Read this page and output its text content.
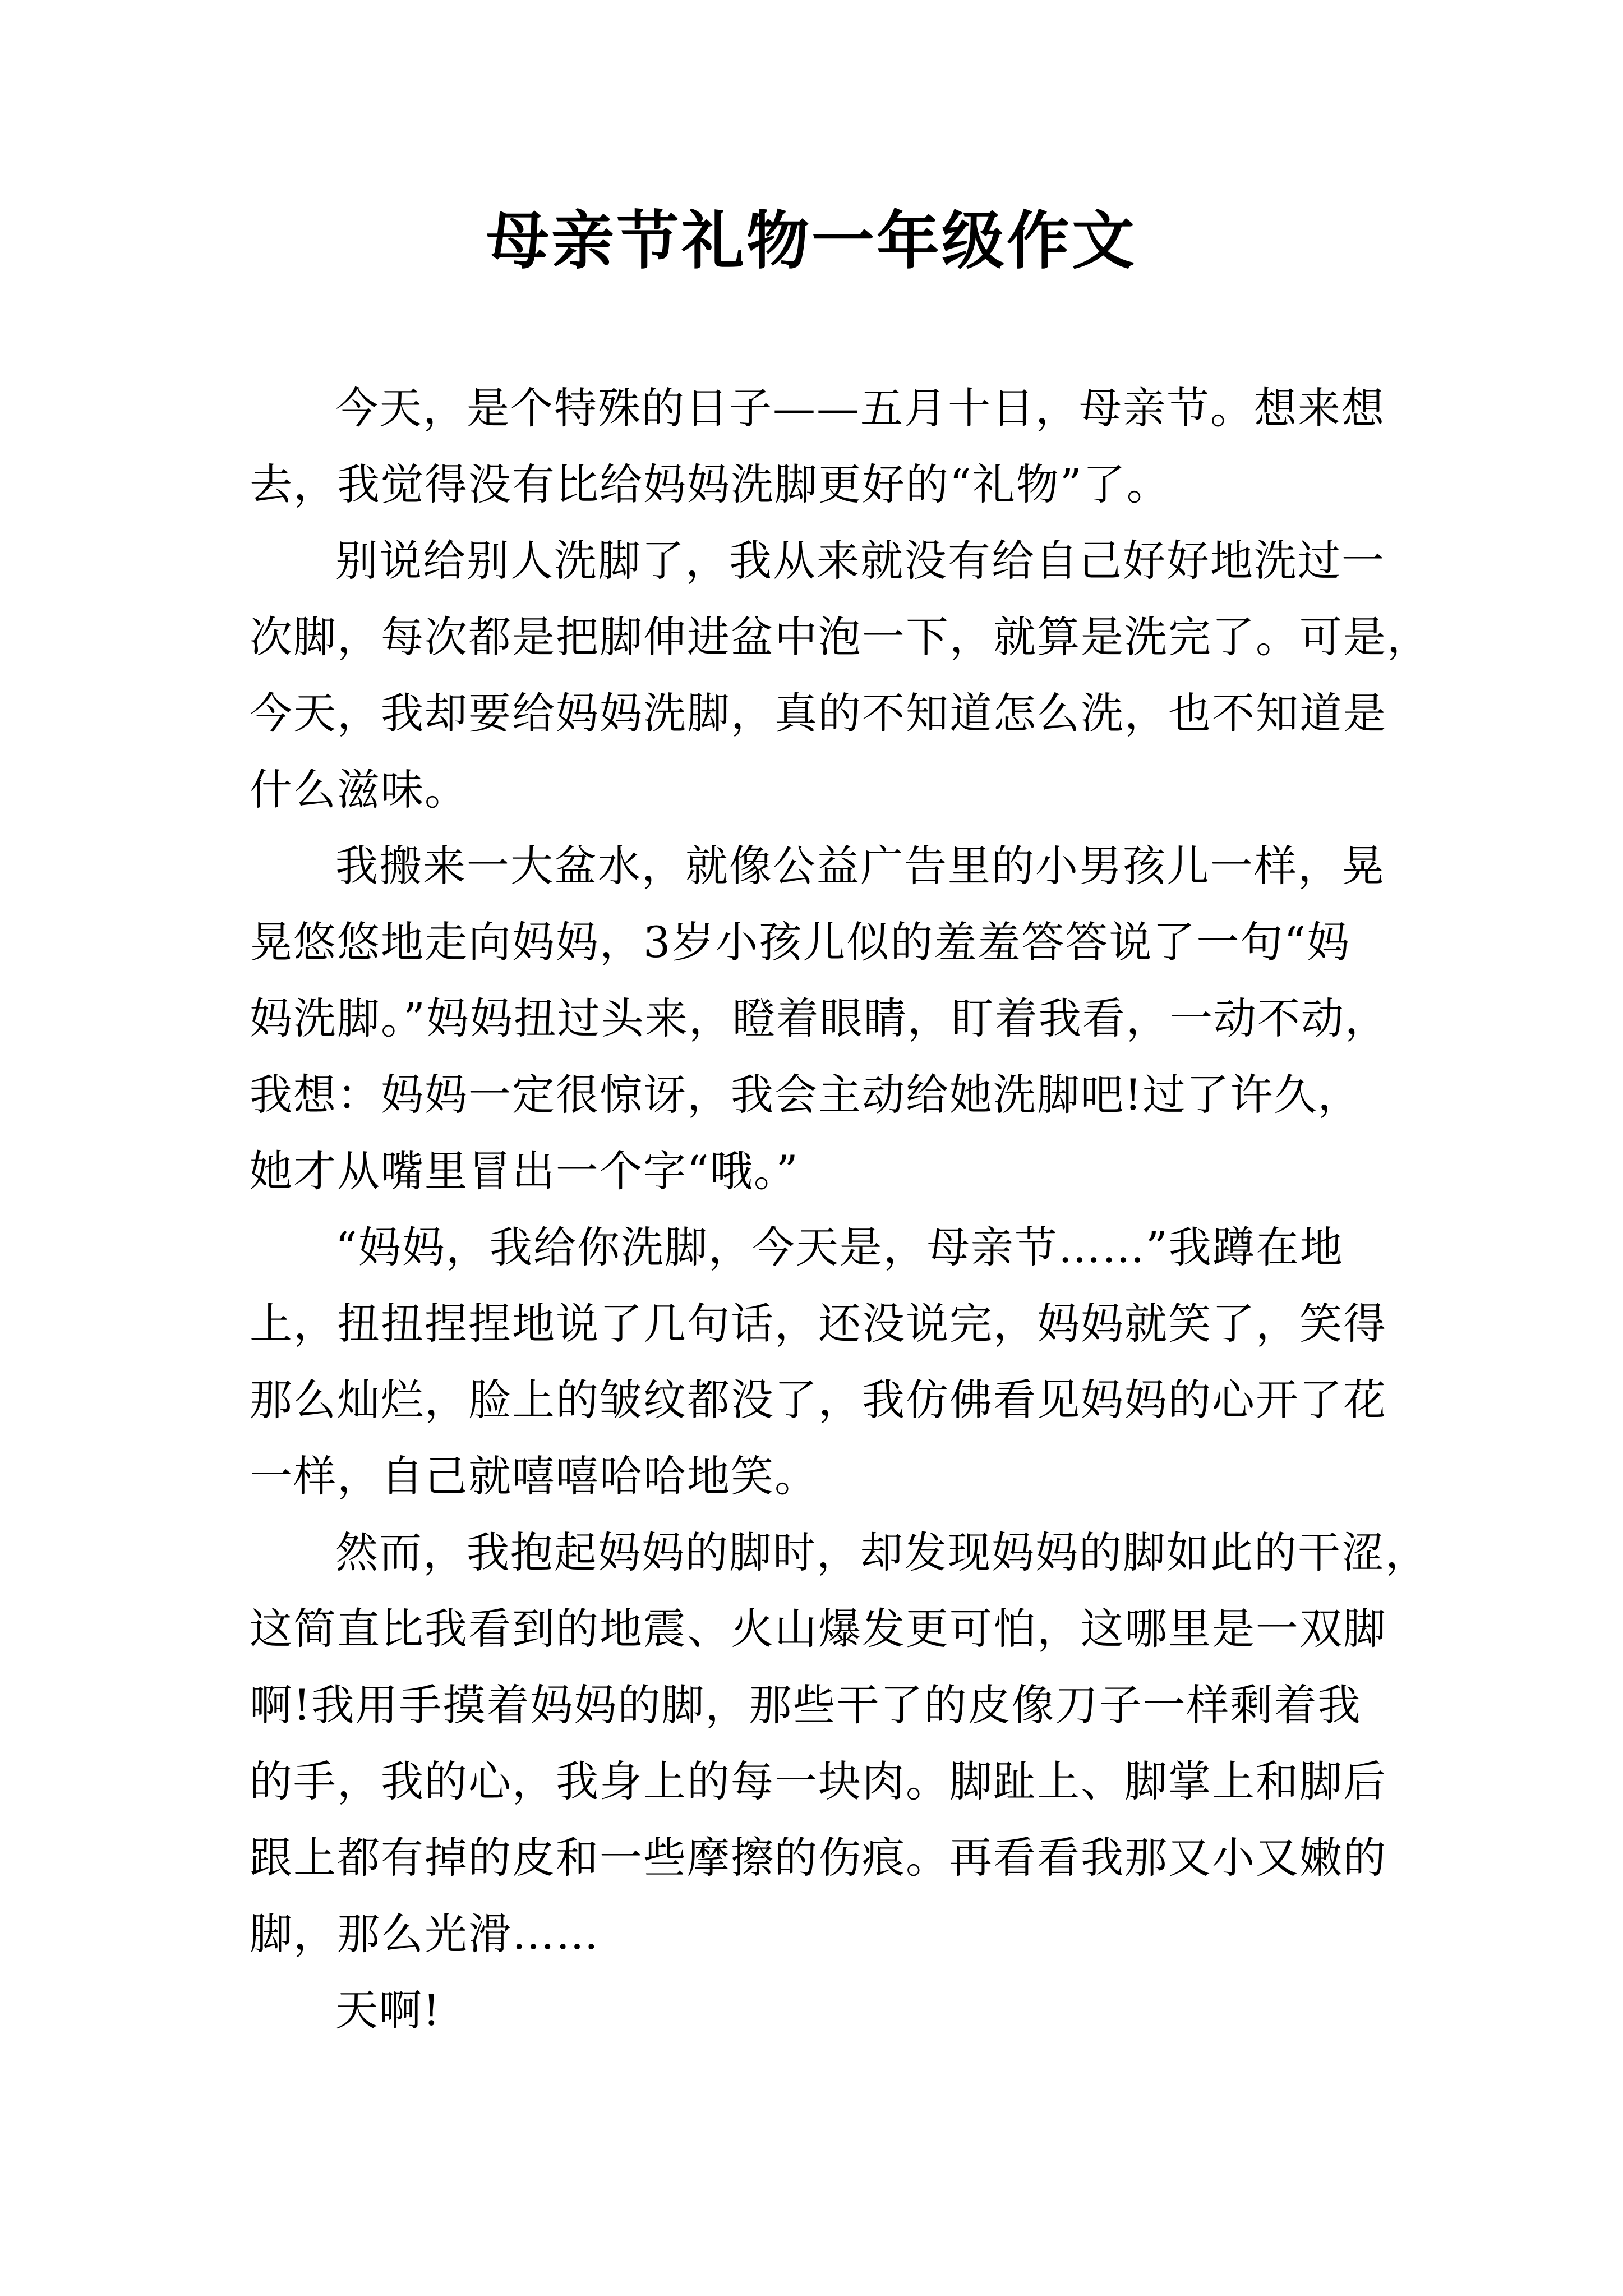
母亲节礼物一年级作文

今天，是个特殊的日子——五月十日，母亲节。想来想
去，我觉得没有比给妈妈洗脚更好的“礼物”了。

别说给别人洗脚了，我从来就没有给自己好好地洗过一
次脚，每次都是把脚伸进盆中泡一下，就算是洗完了。可是，
今天，我却要给妈妈洗脚，真的不知道怎么洗，也不知道是
什么滋味。

我搬来一大盆水，就像公益广告里的小男孩儿一样，晃
晃悠悠地走向妈妈，3岁小孩儿似的羞羞答答说了一句“妈
妈洗脚。”妈妈扭过头来，瞪着眼睛，盯着我看，一动不动，
我想：妈妈一定很惊讶，我会主动给她洗脚吧!过了许久，
她才从嘴里冒出一个字“哦。”

“妈妈，我给你洗脚，今天是，母亲节……”我蹲在地
上，扭扭捏捏地说了几句话，还没说完，妈妈就笑了，笑得
那么灿烂，脸上的皱纹都没了，我仿佛看见妈妈的心开了花
一样，自己就嘻嘻哈哈地笑。

然而，我抱起妈妈的脚时，却发现妈妈的脚如此的干涩，
这简直比我看到的地震、火山爆发更可怕，这哪里是一双脚
啊!我用手摸着妈妈的脚，那些干了的皮像刀子一样剩着我
的手，我的心，我身上的每一块肉。脚趾上、脚掌上和脚后
跟上都有掉的皮和一些摩擦的伤痕。再看看我那又小又嫩的
脚，那么光滑……

天啊!
